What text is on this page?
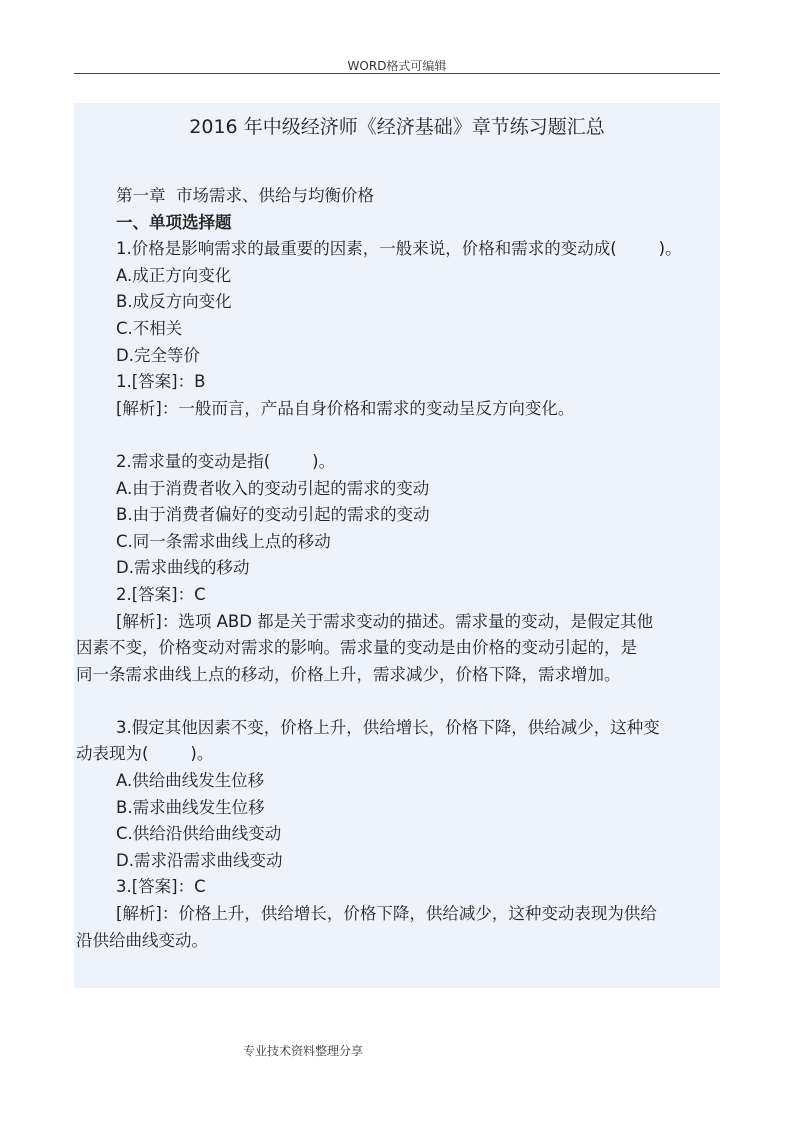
WORD格式可编辑
2016 年中级经济师《经济基础》章节练习题汇总
第一章  市场需求、供给与均衡价格
一、单项选择题
1.价格是影响需求的最重要的因素，一般来说，价格和需求的变动成(        )。
A.成正方向变化
B.成反方向变化
C.不相关
D.完全等价
1.[答案]：B
[解析]：一般而言，产品自身价格和需求的变动呈反方向变化。
2.需求量的变动是指(        )。
A.由于消费者收入的变动引起的需求的变动
B.由于消费者偏好的变动引起的需求的变动
C.同一条需求曲线上点的移动
D.需求曲线的移动
2.[答案]：C
[解析]：选项 ABD 都是关于需求变动的描述。需求量的变动，是假定其他
因素不变，价格变动对需求的影响。需求量的变动是由价格的变动引起的，是
同一条需求曲线上点的移动，价格上升，需求减少，价格下降，需求增加。
3.假定其他因素不变，价格上升，供给增长，价格下降，供给减少，这种变
动表现为(        )。
A.供给曲线发生位移
B.需求曲线发生位移
C.供给沿供给曲线变动
D.需求沿需求曲线变动
3.[答案]：C
[解析]：价格上升，供给增长，价格下降，供给减少，这种变动表现为供给
沿供给曲线变动。
专业技术资料整理分享
